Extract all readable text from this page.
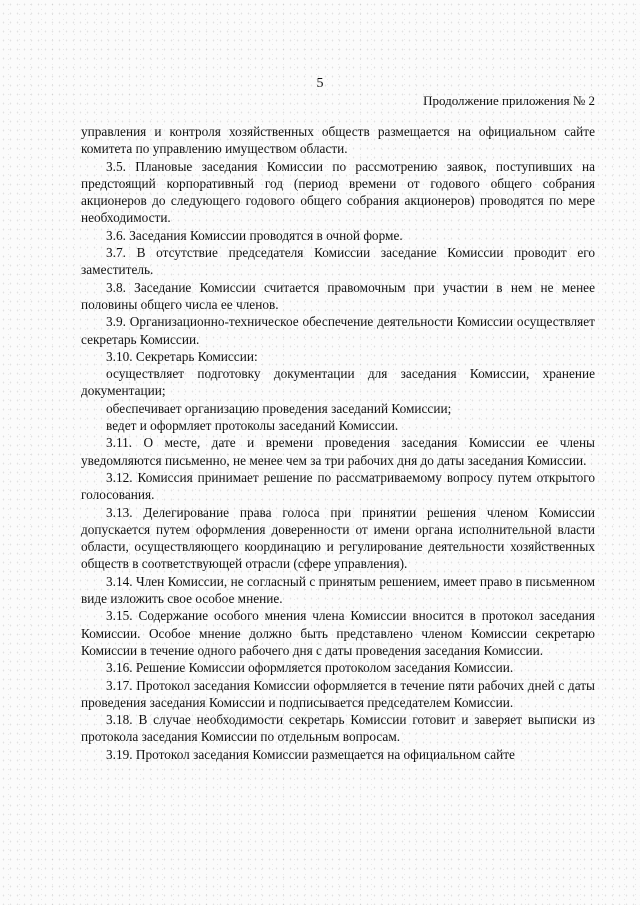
5
Продолжение приложения № 2

управления и контроля хозяйственных обществ размещается на официальном сайте комитета по управлению имуществом области.

3.5. Плановые заседания Комиссии по рассмотрению заявок, поступивших на предстоящий корпоративный год (период времени от годового общего собрания акционеров до следующего годового общего собрания акционеров) проводятся по мере необходимости.

3.6. Заседания Комиссии проводятся в очной форме.

3.7. В отсутствие председателя Комиссии заседание Комиссии проводит его заместитель.

3.8. Заседание Комиссии считается правомочным при участии в нем не менее половины общего числа ее членов.

3.9. Организационно-техническое обеспечение деятельности Комиссии осуществляет секретарь Комиссии.

3.10. Секретарь Комиссии:

осуществляет подготовку документации для заседания Комиссии, хранение документации;

обеспечивает организацию проведения заседаний Комиссии;

ведет и оформляет протоколы заседаний Комиссии.

3.11. О месте, дате и времени проведения заседания Комиссии ее члены уведомляются письменно, не менее чем за три рабочих дня до даты заседания Комиссии.

3.12. Комиссия принимает решение по рассматриваемому вопросу путем открытого голосования.

3.13. Делегирование права голоса при принятии решения членом Комиссии допускается путем оформления доверенности от имени органа исполнительной власти области, осуществляющего координацию и регулирование деятельности хозяйственных обществ в соответствующей отрасли (сфере управления).

3.14. Член Комиссии, не согласный с принятым решением, имеет право в письменном виде изложить свое особое мнение.

3.15. Содержание особого мнения члена Комиссии вносится в протокол заседания Комиссии. Особое мнение должно быть представлено членом Комиссии секретарю Комиссии в течение одного рабочего дня с даты проведения заседания Комиссии.

3.16. Решение Комиссии оформляется протоколом заседания Комиссии.

3.17. Протокол заседания Комиссии оформляется в течение пяти рабочих дней с даты проведения заседания Комиссии и подписывается председателем Комиссии.

3.18. В случае необходимости секретарь Комиссии готовит и заверяет выписки из протокола заседания Комиссии по отдельным вопросам.

3.19. Протокол заседания Комиссии размещается на официальном сайте
